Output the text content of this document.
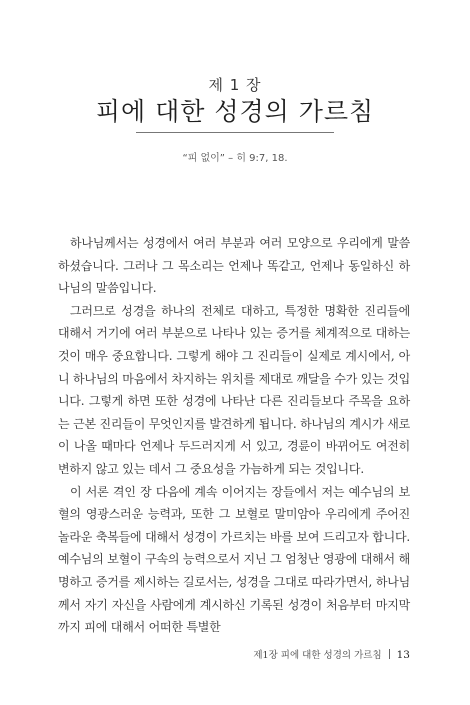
제 1 장
피에 대한 성경의 가르침
“피 없이” – 히 9:7, 18.

하나님께서는 성경에서 여러 부분과 여러 모양으로 우리에게 말씀하셨습니다. 그러나 그 목소리는 언제나 똑같고, 언제나 동일하신 하나님의 말씀입니다.

그러므로 성경을 하나의 전체로 대하고, 특정한 명확한 진리들에 대해서 거기에 여러 부분으로 나타나 있는 증거를 체계적으로 대하는 것이 매우 중요합니다. 그렇게 해야 그 진리들이 실제로 계시에서, 아니 하나님의 마음에서 차지하는 위치를 제대로 깨달을 수가 있는 것입니다. 그렇게 하면 또한 성경에 나타난 다른 진리들보다 주목을 요하는 근본 진리들이 무엇인지를 발견하게 됩니다. 하나님의 계시가 새로이 나올 때마다 언제나 두드러지게 서 있고, 경륜이 바뀌어도 여전히 변하지 않고 있는 데서 그 중요성을 가늠하게 되는 것입니다.

이 서론 격인 장 다음에 계속 이어지는 장들에서 저는 예수님의 보혈의 영광스러운 능력과, 또한 그 보혈로 말미암아 우리에게 주어진 놀라운 축복들에 대해서 성경이 가르치는 바를 보여 드리고자 합니다. 예수님의 보혈이 구속의 능력으로서 지닌 그 엄청난 영광에 대해서 해명하고 증거를 제시하는 길로서는, 성경을 그대로 따라가면서, 하나님께서 자기 자신을 사람에게 계시하신 기록된 성경이 처음부터 마지막까지 피에 대해서 어떠한 특별한

제1장 피에 대한 성경의 가르침 13
